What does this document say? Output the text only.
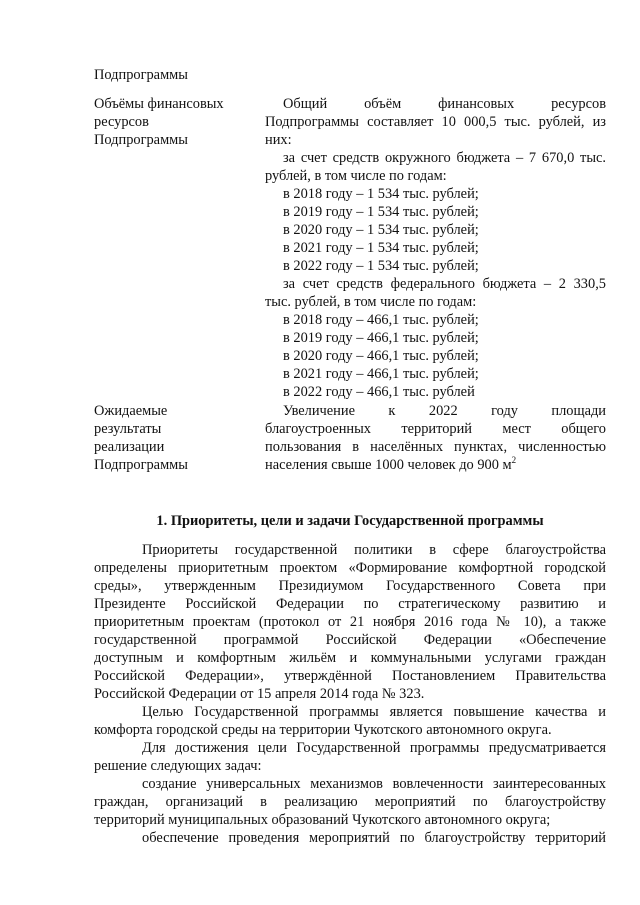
Подпрограммы
Объёмы финансовых
ресурсов
Подпрограммы
Общий объём финансовых ресурсов
Подпрограммы составляет 10 000,5 тыс. рублей, из
них:
за счет средств окружного бюджета – 7 670,0 тыс.
рублей, в том числе по годам:
в 2018 году – 1 534 тыс. рублей;
в 2019 году – 1 534 тыс. рублей;
в 2020 году – 1 534 тыс. рублей;
в 2021 году – 1 534 тыс. рублей;
в 2022 году – 1 534 тыс. рублей;
за счет средств федерального бюджета – 2 330,5
тыс. рублей, в том числе по годам:
в 2018 году – 466,1 тыс. рублей;
в 2019 году – 466,1 тыс. рублей;
в 2020 году – 466,1 тыс. рублей;
в 2021 году – 466,1 тыс. рублей;
в 2022 году – 466,1 тыс. рублей
Ожидаемые
результаты
реализации
Подпрограммы
Увеличение к 2022 году площади
благоустроенных территорий мест общего
пользования в населённых пунктах, численностью
населения свыше 1000 человек до 900 $м^2$
1. Приоритеты, цели и задачи Государственной программы
Приоритеты государственной политики в сфере благоустройства
определены приоритетным проектом «Формирование комфортной городской
среды», утвержденным Президиумом Государственного Совета при
Президенте Российской Федерации по стратегическому развитию и
приоритетным проектам (протокол от 21 ноября 2016 года № 10), а также
государственной программой Российской Федерации «Обеспечение
доступным и комфортным жильём и коммунальными услугами граждан
Российской Федерации», утверждённой Постановлением Правительства
Российской Федерации от 15 апреля 2014 года № 323.
Целью Государственной программы является повышение качества и
комфорта городской среды на территории Чукотского автономного округа.
Для достижения цели Государственной программы предусматривается
решение следующих задач:
создание универсальных механизмов вовлеченности заинтересованных
граждан, организаций в реализацию мероприятий по благоустройству
территорий муниципальных образований Чукотского автономного округа;
обеспечение проведения мероприятий по благоустройству территорий
